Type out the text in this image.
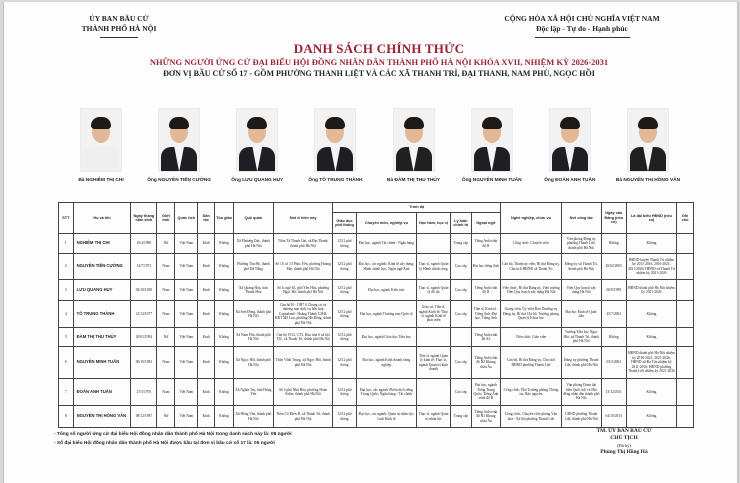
ỦY BAN BẦU CỬ
THÀNH PHỐ HÀ NỘI
CỘNG HÒA XÃ HỘI CHỦ NGHĨA VIỆT NAM
Độc lập - Tự do - Hạnh phúc
DANH SÁCH CHÍNH THỨC
NHỮNG NGƯỜI ỨNG CỬ ĐẠI BIỂU HỘI ĐỒNG NHÂN DÂN THÀNH PHỐ HÀ NỘI KHÓA XVII, NHIỆM KỲ 2026-2031
ĐƠN VỊ BẦU CỬ SỐ 17 - GỒM PHƯỜNG THANH LIỆT VÀ CÁC XÃ THANH TRÌ, ĐẠI THANH, NAM PHÙ, NGỌC HỒI
Bà NGHIÊM THỊ CHI	Ông NGUYỄN TIẾN CƯỜNG	Ông LƯU QUANG HUY	Ông TÔ TRUNG THÀNH	Bà ĐÀM THỊ THU THỦY	Ông NGUYỄN MINH TUẤN	Ông ĐOÀN ANH TUẤN	Bà NGUYỄN THỊ HỒNG VÂN
STT	Họ và tên	Ngày tháng năm sinh	Giới tính	Quốc tịch	Dân tộc	Tôn giáo	Quê quán	Nơi ở hiện nay	Trình độ					Nghề nghiệp, chức vụ	Nơi công tác	Ngày vào Đảng (nếu có)	Là đại biểu HĐND (nếu có)	Ghi chú
									Giáo dục phổ thông	Chuyên môn, nghiệp vụ	Học hàm, học vị	Lý luận chính trị	Ngoại ngữ					
1	NGHIÊM THỊ CHI	16/4/1990	Nữ	Việt Nam	Kinh	Không	Xã Phượng Dực, thành phố Hà Nội	Thôn Tả Thanh Oai, xã Đại Thanh, thành phố Hà Nội	12/12 phổ thông	Đại học, ngành Tài chính - Ngân hàng		Trung cấp	Tiếng Anh trình độ B	Công chức, Chuyên viên	Văn phòng Đảng ủy phường Thanh Liệt, thành phố Hà Nội	Không	Không	
2	NGUYỄN TIẾN CƯỜNG	14/7/1972	Nam	Việt Nam	Kinh	Không	Phường Tân Hồ, thành phố Đà Nẵng	Số 10, tổ 13 Phúc Yên, phường Hoàng Mai, thành phố Hà Nội	12/12 phổ thông	Đại học, các ngành: Kinh tế xây dựng; Hành chính học; Ngôn ngữ Anh	Thạc sĩ, ngành Quản lý Hành chính công	Cao cấp	Đại học tiếng Anh	Cán bộ, Thành ủy viên, Bí thư Đảng ủy, Chủ tịch HĐND xã Thanh Trì	Đảng ủy xã Thanh Trì, thành phố Hà Nội	26/02/2005	HĐND huyện Thanh Trì nhiệm kỳ 2011-2016, 2016-2021, 2021-2026; HĐND xã Thanh Trì nhiệm kỳ 2021-2026	
3	LƯU QUANG HUY	02/10/1969	Nam	Việt Nam	Kinh	Không	Xã Quảng Hòa, tỉnh Thanh Hóa	Số 6, ngõ 63, phố Yên Hòa, phường Ngọc Hà, thành phố Hà Nội	12/12 phổ thông	Đại học, ngành Kiến trúc	Thạc sĩ, ngành Quản lý đô thị	Cao cấp	Tiếng Anh trình độ B	Viên chức, Bí thư Đảng ủy, Viện trưởng Viện Quy hoạch xây dựng Hà Nội	Viện Quy hoạch xây dựng Hà Nội	06/9/1998	HĐND thành phố Hà Nội nhiệm kỳ 2021-2026	
4	TÔ TRUNG THÀNH	21/12/1977	Nam	Việt Nam	Kinh	Không	Xã Sơn Đông, thành phố Hà Nội	Căn hộ B - 11B7 6 Chung cư và thương mại dịch vụ hỗn hợp Capitaland - Hoàng Thành C2H4, KĐT Mỗ Lao, phường Hà Đông, thành phố Hà Nội	12/12 phổ thông	Đại học, ngành Thương mại Quốc tế	Giáo sư, Tiến sĩ, ngành Kinh tế; Thạc sĩ, ngành Kinh tế phát triển	Cao cấp	Tiến sĩ, Kinh tế - Tiếng Anh; Đại học, Tiếng Anh	Giảng viên, Ủy viên Ban Thường vụ Đảng ủy, Bí thư Chi bộ, Trưởng phòng Quản lý Khoa học	Đại học Kinh tế Quốc dân	25/7/2004	Không	
5	ĐÀM THỊ THU THỦY	20/01/1994	Nữ	Việt Nam	Kinh	Không	Xã Nam Phù, thành phố Hà Nội	Căn hộ 1912, CT3, Khu nhà ở xã hội TIC, xã Thanh Trì, thành phố Hà Nội	12/12 phổ thông	Đại học, ngành Giáo dục Tiểu học			Tiếng Anh trình độ A2	Viên chức, Giáo viên	Trường Tiểu học Ngọc Hồi, xã Thanh Trì, thành phố Hà Nội	Không	Không	
6	NGUYỄN MINH TUẤN	06/10/1983	Nam	Việt Nam	Kinh	Không	Xã Ngọc Hồi, thành phố Hà Nội	Thôn Vĩnh Trung, xã Ngọc Hồi, thành phố Hà Nội	12/12 phổ thông	Đại học, ngành Kinh doanh nông nghiệp	Tiến sĩ, ngành Quản lý kinh tế; Thạc sĩ, ngành Quản trị kinh doanh	Cao cấp	Tiếng Anh trình độ B2 Khung châu Âu	Cán bộ, Bí thư Đảng ủy, Chủ tịch HĐND phường Thanh Liệt	Đảng ủy phường Thanh Liệt, thành phố Hà Nội	03/3/2004	HĐND thành phố Hà Nội nhiệm kỳ 2016-2021, 2021-2026; HĐND xã Đa Tốn nhiệm kỳ 2011-2016; HĐND phường Thanh Liệt nhiệm kỳ 2021-2026	
7	ĐOÀN ANH TUẤN	27/5/1976	Nam	Việt Nam	Kinh	Không	Xã Nghĩa Trụ, tỉnh Hưng Yên	Số 4 phố Nhà Hỏa, phường Hoàn Kiếm, thành phố Hà Nội	12/12 phổ thông	Đại học, các ngành: Phiên dịch tiếng Trung Quốc; Ngân hàng - Tài chính		Cao cấp	Đại học, ngành Tiếng Trung Quốc; Tiếng Anh trình độ B	Công chức, Phó Trưởng phòng Thông tin, Báo nguyên	Văn phòng Đoàn đại biểu Quốc hội và Hội đồng nhân dân thành phố Hà Nội	13/12/2011	Không	
8	NGUYỄN THỊ HỒNG VÂN	08/12/1987	Nữ	Việt Nam	Kinh	Không	Xã Hồng Vân, thành phố Hà Nội	Thôn Cổ Điển B, xã Thanh Trì, thành phố Hà Nội	12/12 phổ thông	Đại học, các ngành: Quản trị nhân lực; Luật Kinh tế	Thạc sĩ, ngành Quản trị nhân lực	Trung cấp	Tiếng Anh trình độ B1 Khung châu Âu	Công chức, Chuyên viên phòng Văn hóa - Xã hội phường Thanh Liệt	UBND phường Thanh Liệt, thành phố Hà Nội	04/10/2013	Không	
- Tổng số người ứng cử đại biểu Hội đồng nhân dân thành phố Hà Nội trong danh sách này là: 08 người
- Số đại biểu Hội đồng nhân dân thành phố Hà Nội được bầu tại đơn vị bầu cử số 17 là: 05 người
TM. ỦY BAN BẦU CỬ
CHỦ TỊCH
(Đã ký)
Phùng Thị Hồng Hà
